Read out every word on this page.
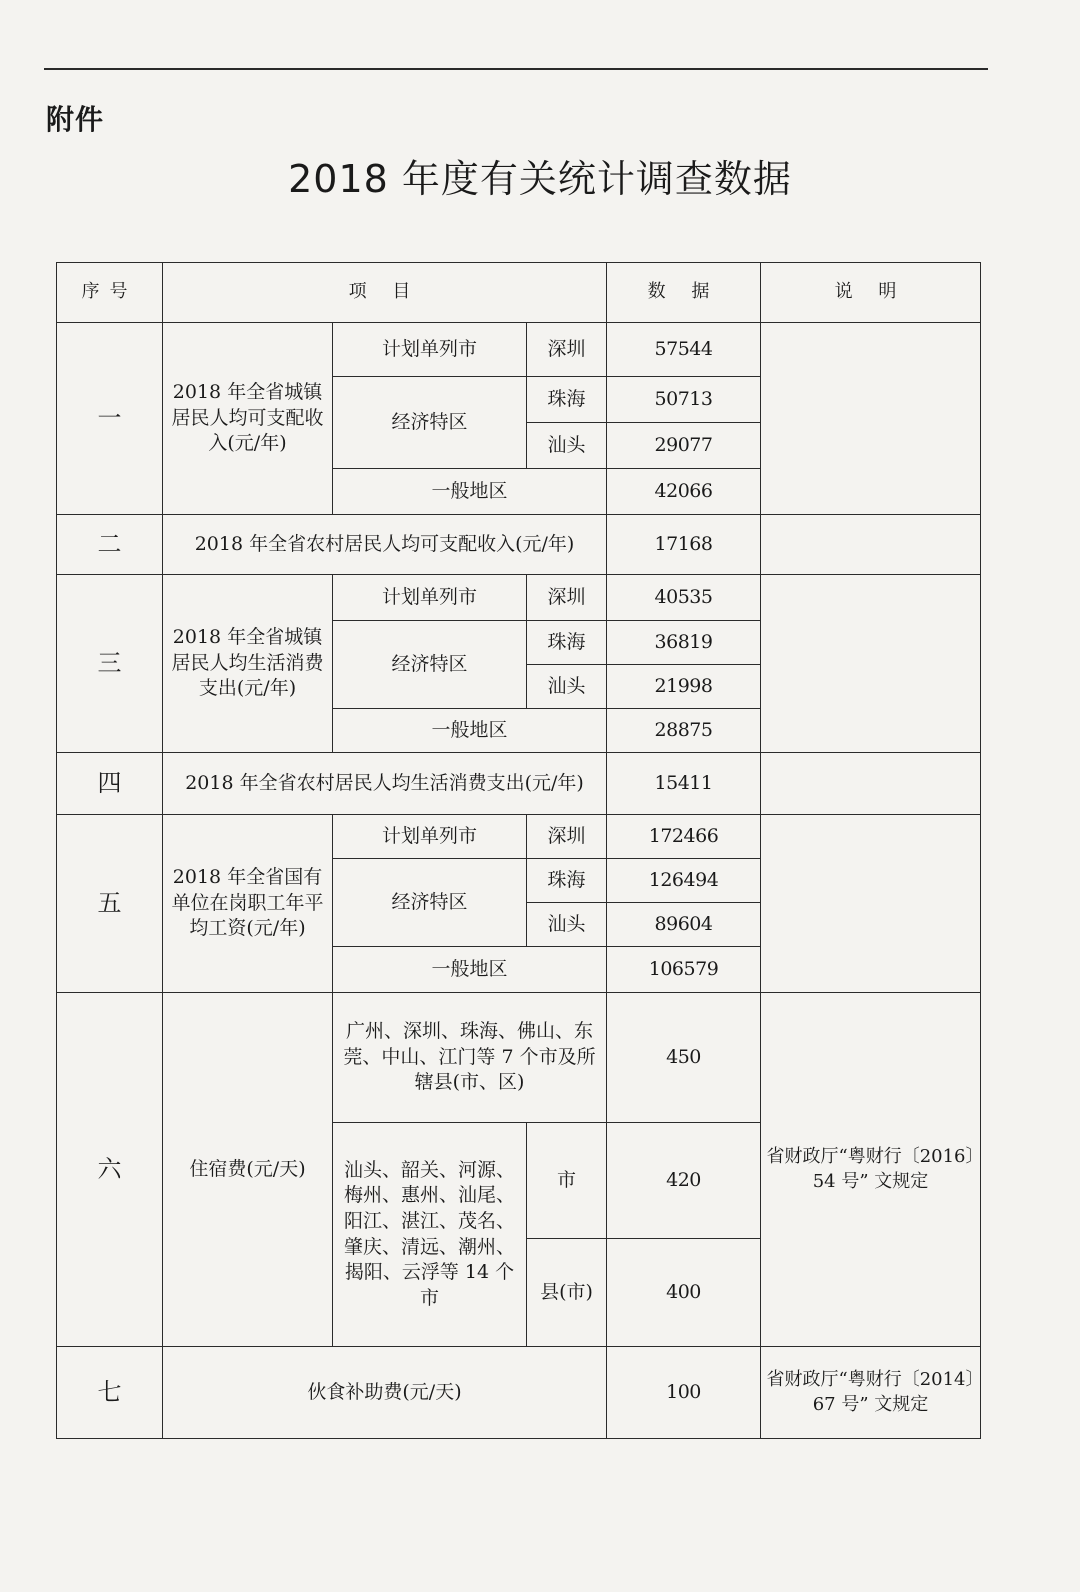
附件
2018 年度有关统计调查数据
序号	项 目			数 据	说 明
一	2018 年全省城镇居民人均可支配收入(元/年)	计划单列市	深圳	57544	
		经济特区	珠海	50713	
			汕头	29077	
		一般地区		42066	
二	2018 年全省农村居民人均可支配收入(元/年)			17168	
三	2018 年全省城镇居民人均生活消费支出(元/年)	计划单列市	深圳	40535	
		经济特区	珠海	36819	
			汕头	21998	
		一般地区		28875	
四	2018 年全省农村居民人均生活消费支出(元/年)			15411	
五	2018 年全省国有单位在岗职工年平均工资(元/年)	计划单列市	深圳	172466	
		经济特区	珠海	126494	
			汕头	89604	
		一般地区		106579	
六	住宿费(元/天)	广州、深圳、珠海、佛山、东莞、中山、江门等 7 个市及所辖县(市、区)		450	省财政厅“粤财行〔2016〕54 号” 文规定
		汕头、韶关、河源、梅州、惠州、汕尾、阳江、湛江、茂名、肇庆、清远、潮州、揭阳、云浮等 14 个市	市	420	
			县(市)	400	
七	伙食补助费(元/天)			100	省财政厅“粤财行〔2014〕67 号” 文规定
